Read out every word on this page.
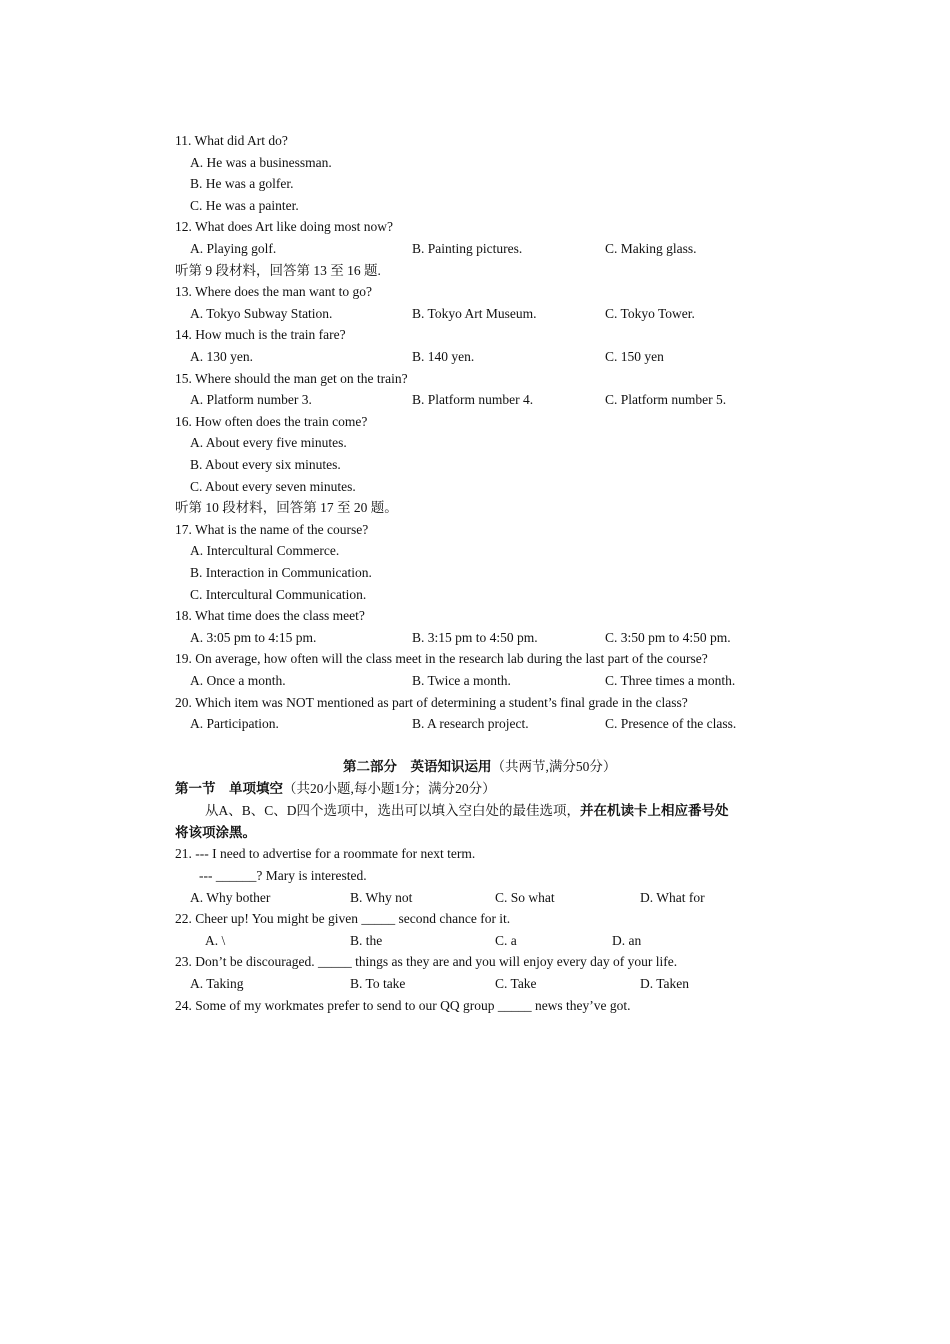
11. What did Art do?
A. He was a businessman.
B. He was a golfer.
C. He was a painter.
12. What does Art like doing most now?
A. Playing golf.	B. Painting pictures.	C. Making glass.
听第 9 段材料，回答第 13 至 16 题.
13. Where does the man want to go?
A. Tokyo Subway Station.	B. Tokyo Art Museum.	C. Tokyo Tower.
14. How much is the train fare?
A. 130 yen.	B. 140 yen.	C. 150 yen
15. Where should the man get on the train?
A. Platform number 3.	B. Platform number 4.	C. Platform number 5.
16. How often does the train come?
A. About every five minutes.
B. About every six minutes.
C. About every seven minutes.
听第 10 段材料，回答第 17 至 20 题。
17. What is the name of the course?
A. Intercultural Commerce.
B. Interaction in Communication.
C. Intercultural Communication.
18. What time does the class meet?
A. 3:05 pm to 4:15 pm.	B. 3:15 pm to 4:50 pm.	C. 3:50 pm to 4:50 pm.
19. On average, how often will the class meet in the research lab during the last part of the course?
A. Once a month.	B. Twice a month.	C. Three times a month.
20. Which item was NOT mentioned as part of determining a student’s final grade in the class?
A. Participation.	B. A research project.	C. Presence of the class.
第二部分　英语知识运用（共两节,满分50分）
第一节　单项填空（共20小题,每小题1分；满分20分）
从A、B、C、D四个选项中，选出可以填入空白处的最佳选项，并在机读卡上相应番号处
将该项涂黑。
21. --- I need to advertise for a roommate for next term.
--- ______? Mary is interested.
A. Why bother	B. Why not	C. So what	D. What for
22. Cheer up! You might be given _____ second chance for it.
A. \	B. the	C. a	D. an
23. Don’t be discouraged. _____ things as they are and you will enjoy every day of your life.
A. Taking	B. To take	C. Take	D. Taken
24. Some of my workmates prefer to send to our QQ group _____ news they’ve got.
